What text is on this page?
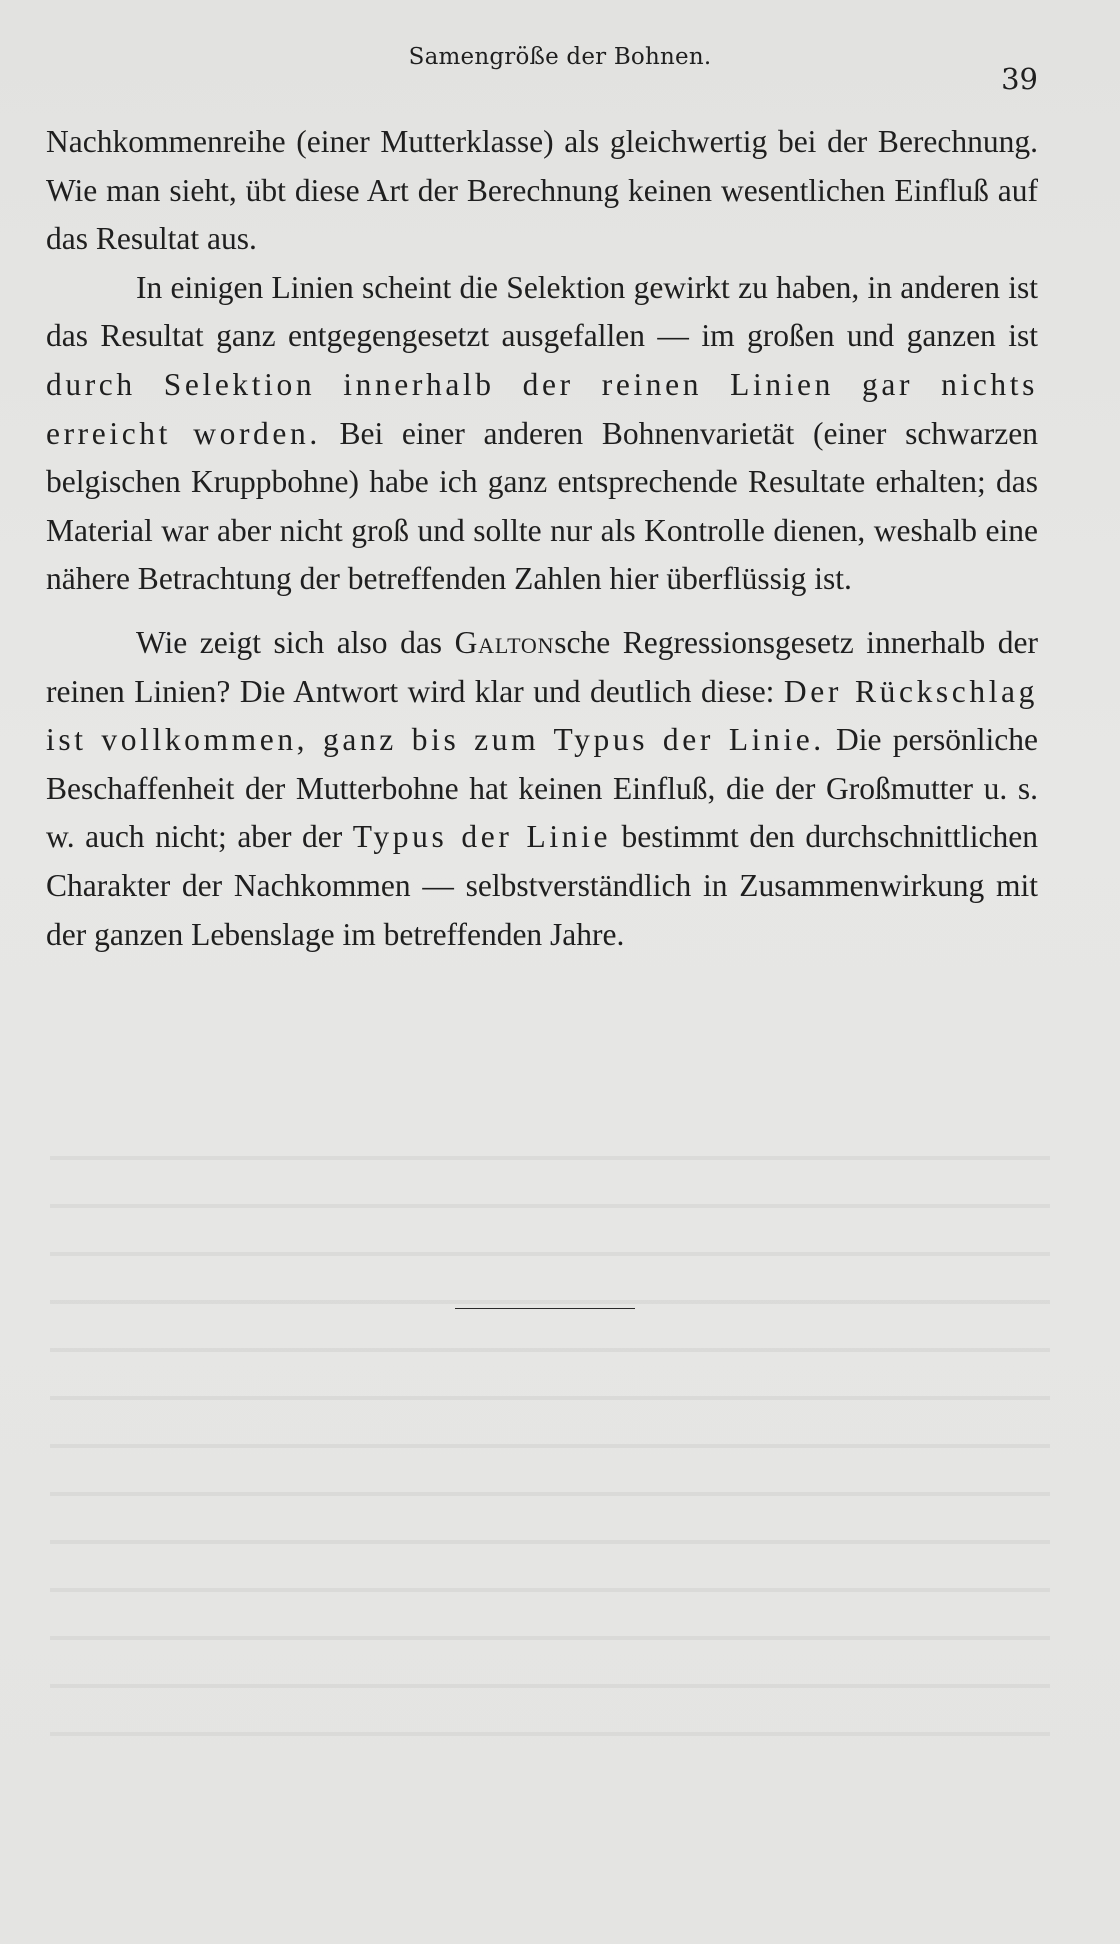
Samengröße der Bohnen.
39

Nachkommenreihe (einer Mutterklasse) als gleichwertig bei der Berechnung. Wie man sieht, übt diese Art der Berechnung keinen wesentlichen Einfluß auf das Resultat aus.

In einigen Linien scheint die Selektion gewirkt zu haben, in anderen ist das Resultat ganz entgegengesetzt ausgefallen — im großen und ganzen ist durch Selektion innerhalb der reinen Linien gar nichts erreicht worden. Bei einer anderen Bohnenvarietät (einer schwarzen belgischen Kruppbohne) habe ich ganz entsprechende Resultate erhalten; das Material war aber nicht groß und sollte nur als Kontrolle dienen, weshalb eine nähere Betrachtung der betreffenden Zahlen hier überflüssig ist.

Wie zeigt sich also das Galtonsche Regressionsgesetz innerhalb der reinen Linien? Die Antwort wird klar und deutlich diese: Der Rückschlag ist vollkommen, ganz bis zum Typus der Linie. Die persönliche Beschaffenheit der Mutterbohne hat keinen Einfluß, die der Großmutter u. s. w. auch nicht; aber der Typus der Linie bestimmt den durchschnittlichen Charakter der Nachkommen — selbstverständlich in Zusammenwirkung mit der ganzen Lebenslage im betreffenden Jahre.
